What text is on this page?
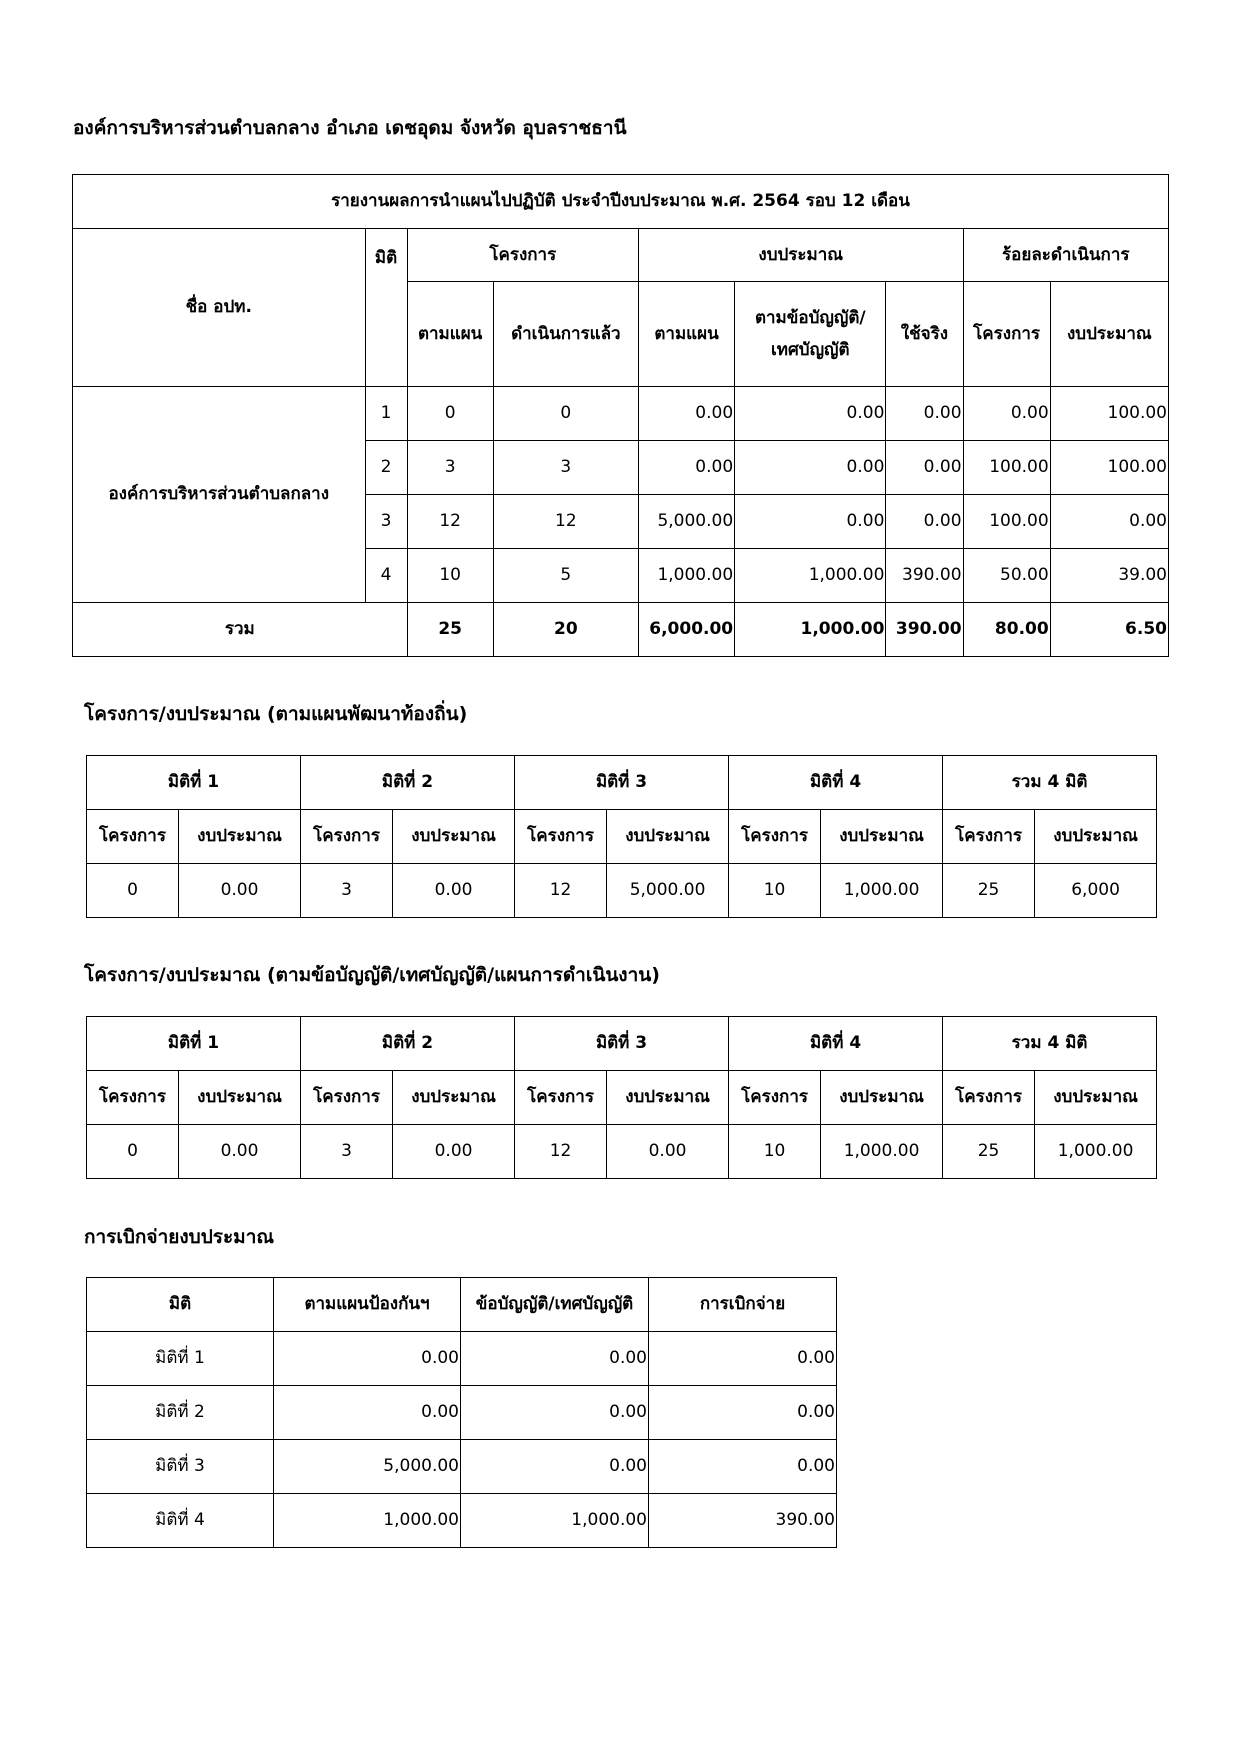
องค์การบริหารส่วนตำบลกลาง อำเภอ เดชอุดม จังหวัด อุบลราชธานี
รายงานผลการนำแผนไปปฏิบัติ ประจำปีงบประมาณ พ.ศ. 2564 รอบ 12 เดือน								
ชื่อ อปท.	มิติ	โครงการ		งบประมาณ			ร้อยละดำเนินการ	
		ตามแผน	ดำเนินการแล้ว	ตามแผน	ตามข้อบัญญัติ/
เทศบัญญัติ	ใช้จริง	โครงการ	งบประมาณ
องค์การบริหารส่วนตำบลกลาง	1	0	0	0.00	0.00	0.00	0.00	100.00
	2	3	3	0.00	0.00	0.00	100.00	100.00
	3	12	12	5,000.00	0.00	0.00	100.00	0.00
	4	10	5	1,000.00	1,000.00	390.00	50.00	39.00
รวม		25	20	6,000.00	1,000.00	390.00	80.00	6.50
โครงการ/งบประมาณ (ตามแผนพัฒนาท้องถิ่น)
มิติที่ 1		มิติที่ 2		มิติที่ 3		มิติที่ 4		รวม 4 มิติ	
โครงการ	งบประมาณ	โครงการ	งบประมาณ	โครงการ	งบประมาณ	โครงการ	งบประมาณ	โครงการ	งบประมาณ
0	0.00	3	0.00	12	5,000.00	10	1,000.00	25	6,000
โครงการ/งบประมาณ (ตามข้อบัญญัติ/เทศบัญญัติ/แผนการดำเนินงาน)
มิติที่ 1		มิติที่ 2		มิติที่ 3		มิติที่ 4		รวม 4 มิติ	
โครงการ	งบประมาณ	โครงการ	งบประมาณ	โครงการ	งบประมาณ	โครงการ	งบประมาณ	โครงการ	งบประมาณ
0	0.00	3	0.00	12	0.00	10	1,000.00	25	1,000.00
การเบิกจ่ายงบประมาณ
มิติ	ตามแผนป้องกันฯ	ข้อบัญญัติ/เทศบัญญัติ	การเบิกจ่าย
มิติที่ 1	0.00	0.00	0.00
มิติที่ 2	0.00	0.00	0.00
มิติที่ 3	5,000.00	0.00	0.00
มิติที่ 4	1,000.00	1,000.00	390.00
